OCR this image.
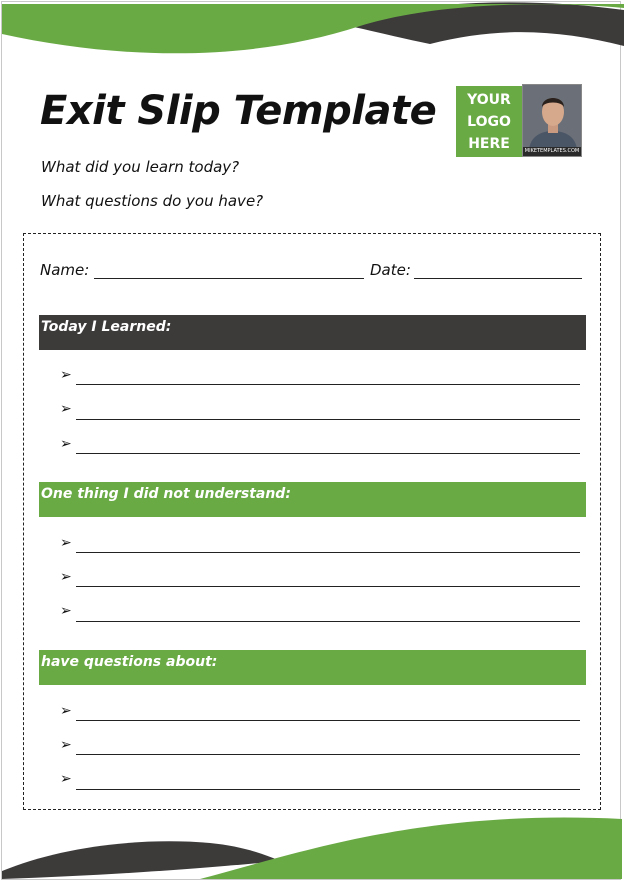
Exit Slip Template
What did you learn today?
What questions do you have?
YOUR
LOGO
HERE	MIKETEMPLATES.COM
Name:	Date:
Today I Learned:
➢
➢
➢
One thing I did not understand:
➢
➢
➢
have questions about:
➢
➢
➢
